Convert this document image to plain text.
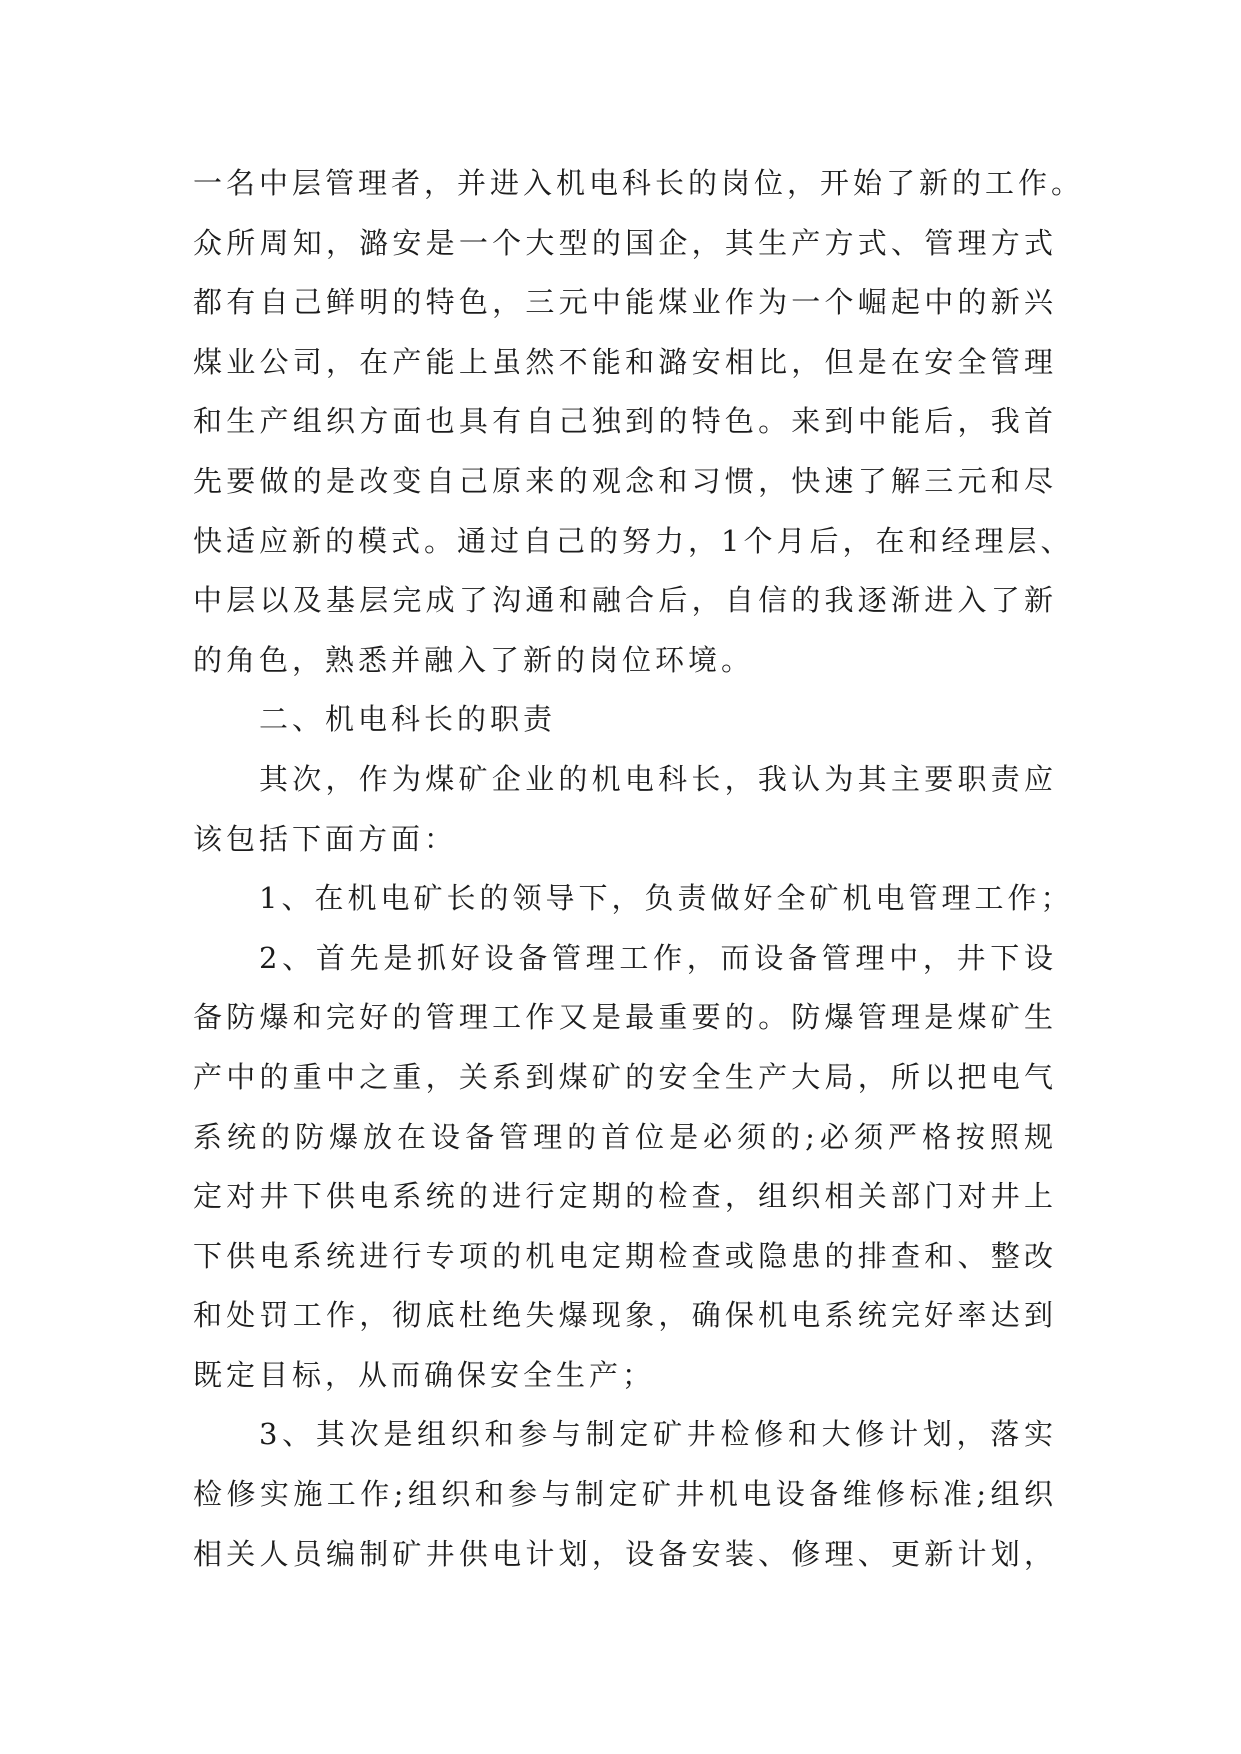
一名中层管理者，并进入机电科长的岗位，开始了新的工作。
众所周知，潞安是一个大型的国企，其生产方式、管理方式
都有自己鲜明的特色，三元中能煤业作为一个崛起中的新兴
煤业公司，在产能上虽然不能和潞安相比，但是在安全管理
和生产组织方面也具有自己独到的特色。来到中能后，我首
先要做的是改变自己原来的观念和习惯，快速了解三元和尽
快适应新的模式。通过自己的努力，1个月后，在和经理层、
中层以及基层完成了沟通和融合后，自信的我逐渐进入了新
的角色，熟悉并融入了新的岗位环境。
二、机电科长的职责
其次，作为煤矿企业的机电科长，我认为其主要职责应
该包括下面方面：
1、在机电矿长的领导下，负责做好全矿机电管理工作；
2、首先是抓好设备管理工作，而设备管理中，井下设
备防爆和完好的管理工作又是最重要的。防爆管理是煤矿生
产中的重中之重，关系到煤矿的安全生产大局，所以把电气
系统的防爆放在设备管理的首位是必须的;必须严格按照规
定对井下供电系统的进行定期的检查，组织相关部门对井上
下供电系统进行专项的机电定期检查或隐患的排查和、整改
和处罚工作，彻底杜绝失爆现象，确保机电系统完好率达到
既定目标，从而确保安全生产；
3、其次是组织和参与制定矿井检修和大修计划，落实
检修实施工作;组织和参与制定矿井机电设备维修标准;组织
相关人员编制矿井供电计划，设备安装、修理、更新计划，
